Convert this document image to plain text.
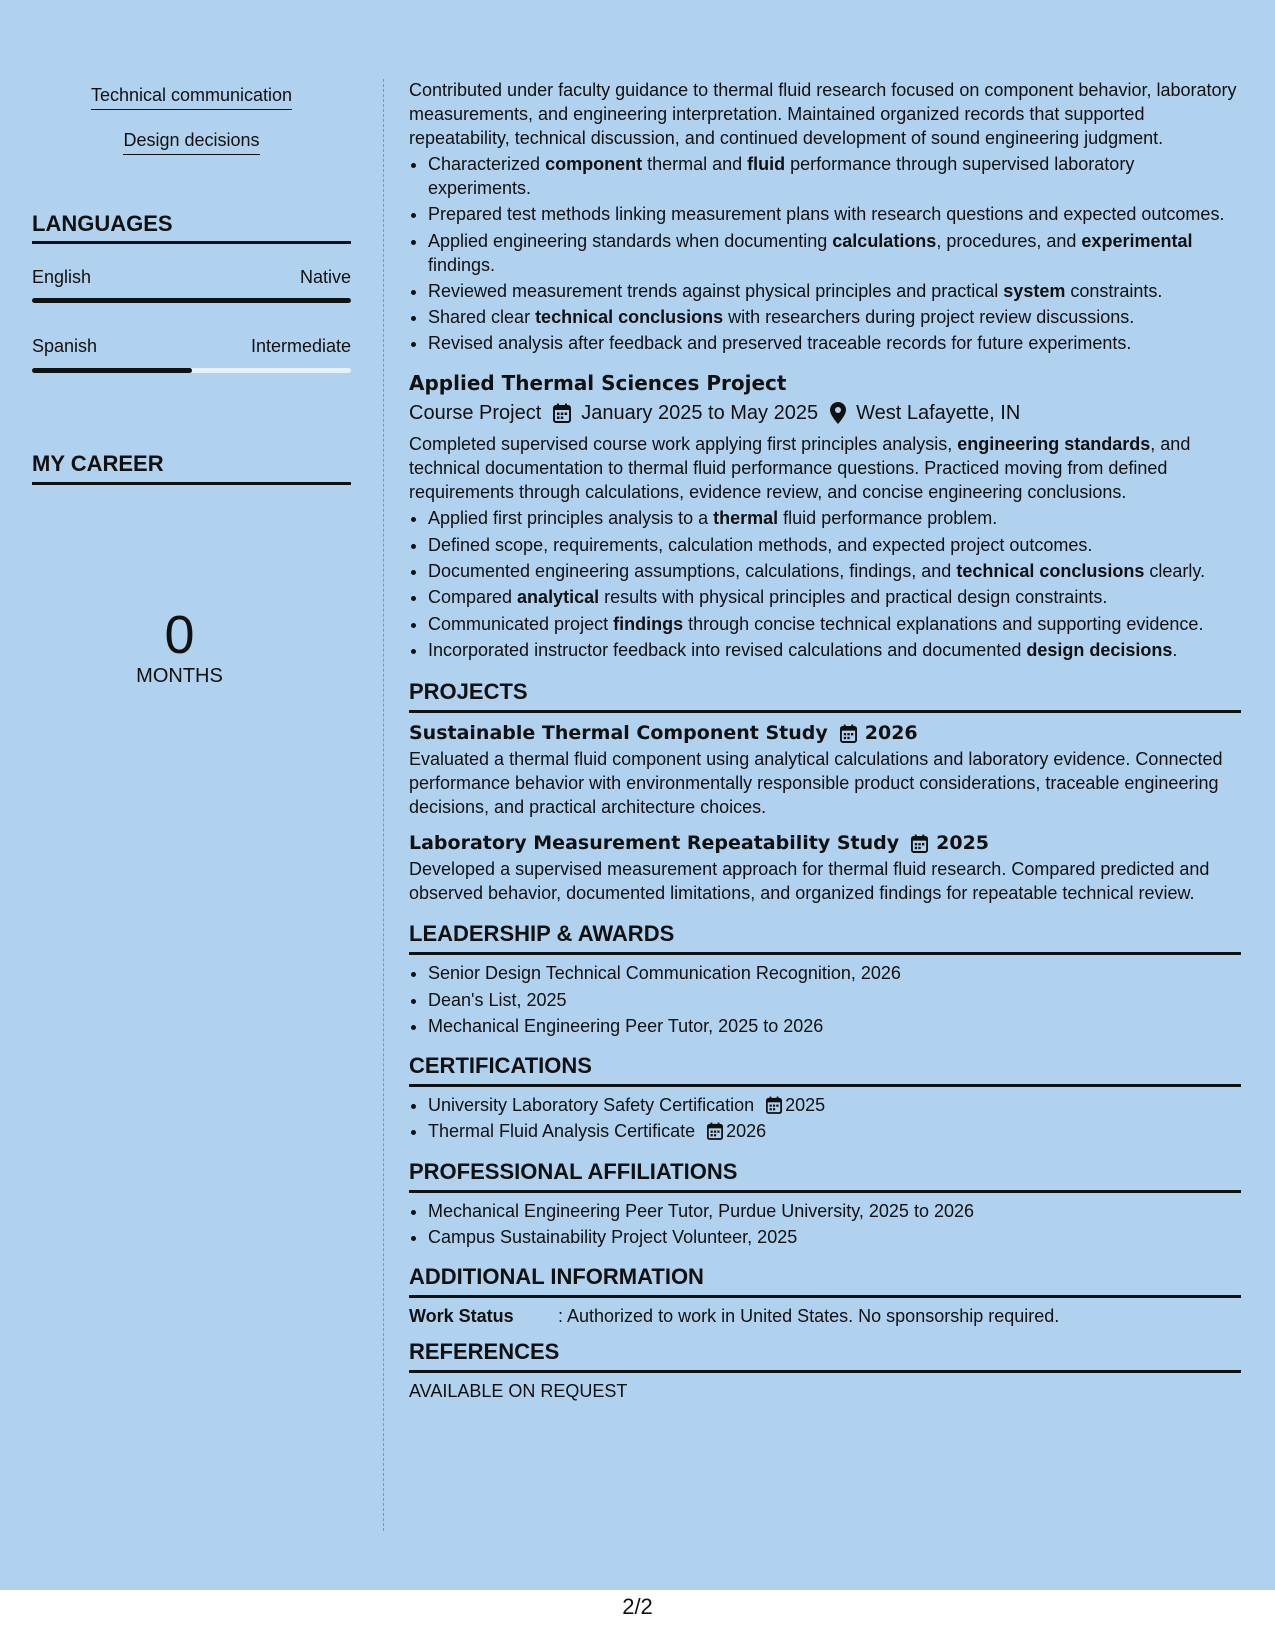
Technical communication
Design decisions
LANGUAGES
English	Native
Spanish	Intermediate
MY CAREER
0
MONTHS

Contributed under faculty guidance to thermal fluid research focused on component behavior, laboratory measurements, and engineering interpretation. Maintained organized records that supported repeatability, technical discussion, and continued development of sound engineering judgment.

• Characterized component thermal and fluid performance through supervised laboratory experiments.
• Prepared test methods linking measurement plans with research questions and expected outcomes.
• Applied engineering standards when documenting calculations, procedures, and experimental findings.
• Reviewed measurement trends against physical principles and practical system constraints.
• Shared clear technical conclusions with researchers during project review discussions.
• Revised analysis after feedback and preserved traceable records for future experiments.
Applied Thermal Sciences Project
Course Project January 2025 to May 2025 West Lafayette, IN

Completed supervised course work applying first principles analysis, engineering standards, and technical documentation to thermal fluid performance questions. Practiced moving from defined requirements through calculations, evidence review, and concise engineering conclusions.

• Applied first principles analysis to a thermal fluid performance problem.
• Defined scope, requirements, calculation methods, and expected project outcomes.
• Documented engineering assumptions, calculations, findings, and technical conclusions clearly.
• Compared analytical results with physical principles and practical design constraints.
• Communicated project findings through concise technical explanations and supporting evidence.
• Incorporated instructor feedback into revised calculations and documented design decisions.
PROJECTS
Sustainable Thermal Component Study 2026

Evaluated a thermal fluid component using analytical calculations and laboratory evidence. Connected performance behavior with environmentally responsible product considerations, traceable engineering decisions, and practical architecture choices.

Laboratory Measurement Repeatability Study 2025

Developed a supervised measurement approach for thermal fluid research. Compared predicted and observed behavior, documented limitations, and organized findings for repeatable technical review.

LEADERSHIP & AWARDS
• Senior Design Technical Communication Recognition, 2026
• Dean's List, 2025
• Mechanical Engineering Peer Tutor, 2025 to 2026
CERTIFICATIONS
• University Laboratory Safety Certification 2025
• Thermal Fluid Analysis Certificate 2026
PROFESSIONAL AFFILIATIONS
• Mechanical Engineering Peer Tutor, Purdue University, 2025 to 2026
• Campus Sustainability Project Volunteer, 2025
ADDITIONAL INFORMATION
Work Status	: Authorized to work in United States. No sponsorship required.
REFERENCES
AVAILABLE ON REQUEST
2/2
